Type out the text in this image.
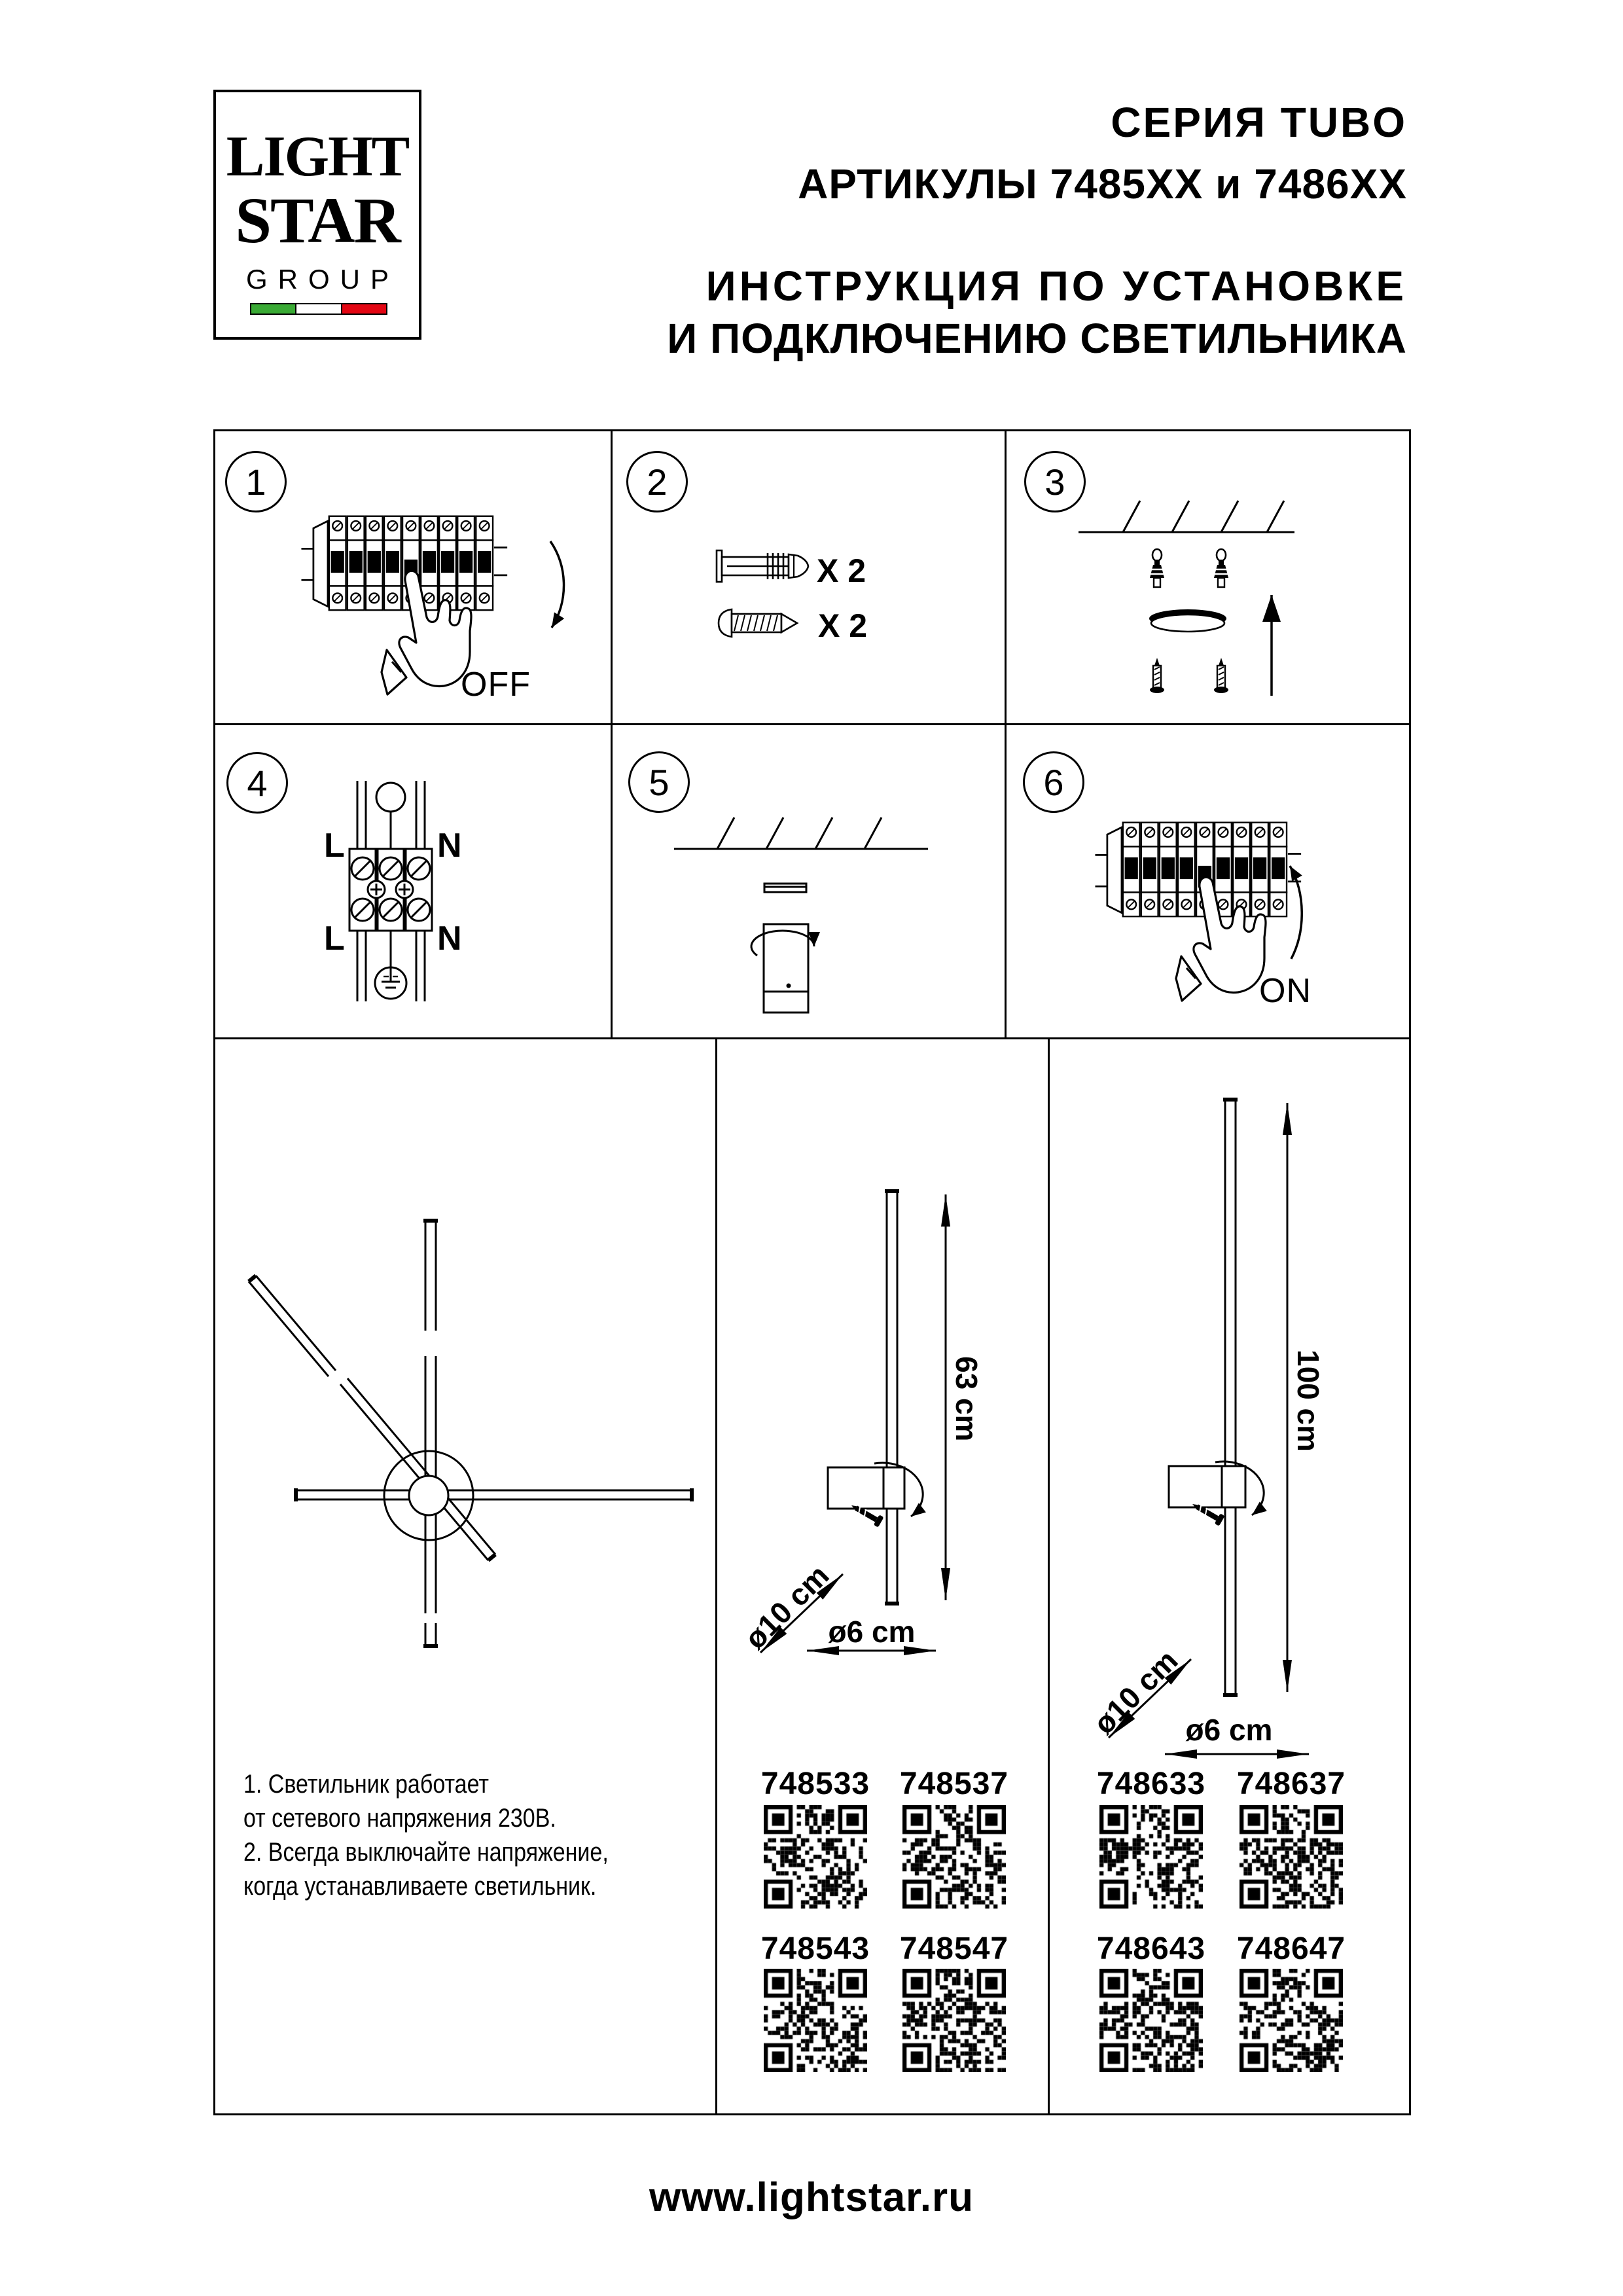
LIGHT
STAR
GROUP
СЕРИЯ TUBO
АРТИКУЛЫ 7485XX и 7486XX
ИНСТРУКЦИЯ ПО УСТАНОВКЕ
И ПОДКЛЮЧЕНИЮ СВЕТИЛЬНИКА
1	2	3
4	5	6
OFF
X 2
X 2
L	N
L	N
ON
1. Светильник работает
от сетевого напряжения 230В.
2. Всегда выключайте напряжение,
когда устанавливаете светильник.
63 cm
ø10 cm
ø6 cm
100 cm
ø10 cm ø6 cm
748533 748537
748543 748547
748633 748637
748643 748647
www.lightstar.ru
